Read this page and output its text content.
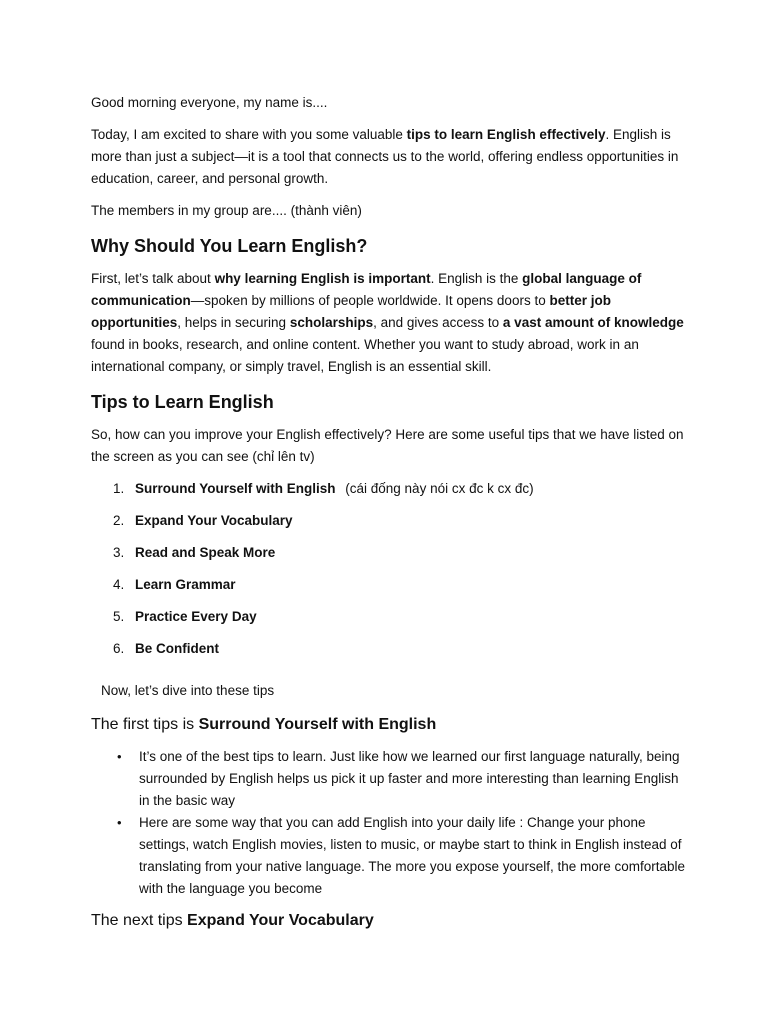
Good morning everyone, my name is....

Today, I am excited to share with you some valuable tips to learn English effectively. English is more than just a subject—it is a tool that connects us to the world, offering endless opportunities in education, career, and personal growth.

The members in my group are.... (thành viên)

Why Should You Learn English?

First, let’s talk about why learning English is important. English is the global language of communication—spoken by millions of people worldwide. It opens doors to better job opportunities, helps in securing scholarships, and gives access to a vast amount of knowledge found in books, research, and online content. Whether you want to study abroad, work in an international company, or simply travel, English is an essential skill.

Tips to Learn English

So, how can you improve your English effectively? Here are some useful tips that we have listed on the screen as you can see (chỉ lên tv)

1. Surround Yourself with English (cái đống này nói cx đc k cx đc)
2. Expand Your Vocabulary
3. Read and Speak More
4. Learn Grammar
5. Practice Every Day
6. Be Confident

Now, let’s dive into these tips

The first tips is Surround Yourself with English

• It’s one of the best tips to learn. Just like how we learned our first language naturally, being surrounded by English helps us pick it up faster and more interesting than learning English in the basic way
• Here are some way that you can add English into your daily life : Change your phone settings, watch English movies, listen to music, or maybe start to think in English instead of translating from your native language. The more you expose yourself, the more comfortable with the language you become

The next tips Expand Your Vocabulary
